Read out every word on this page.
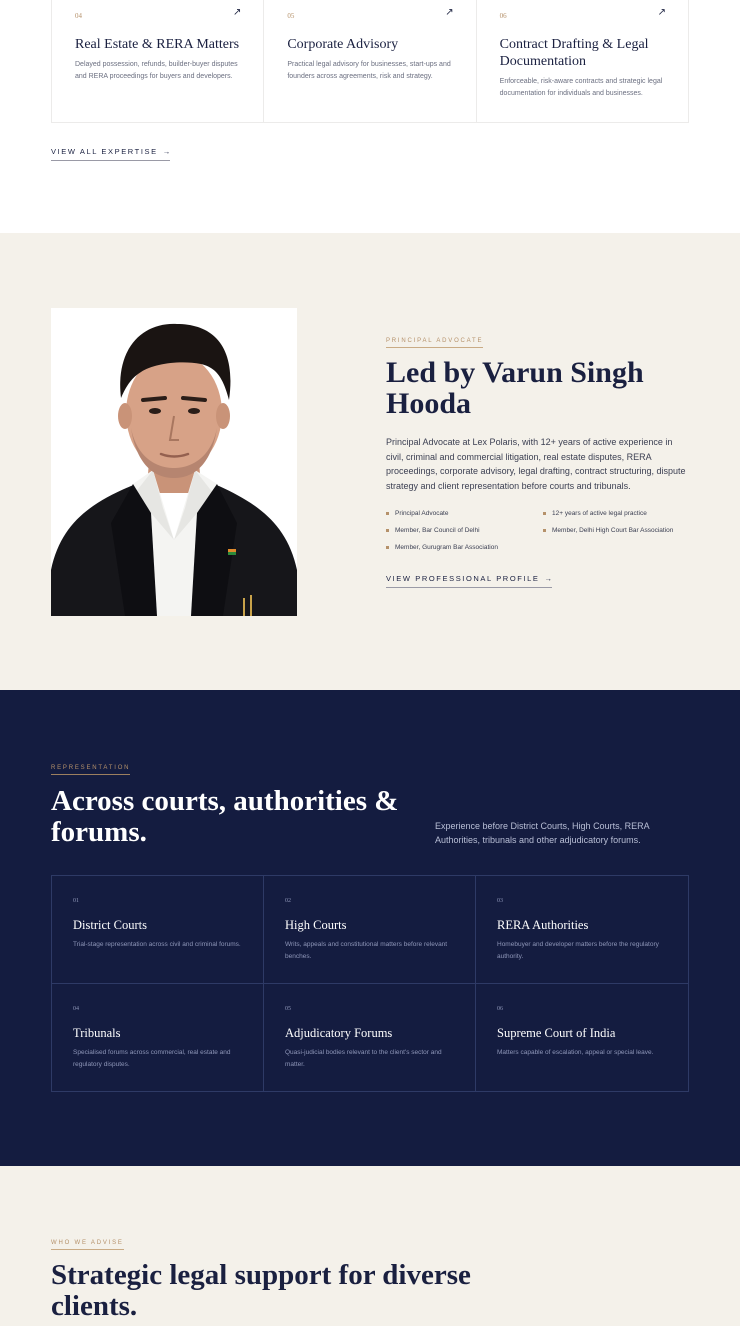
04	↗
Real Estate & RERA Matters
Delayed possession, refunds, builder-buyer disputes and RERA proceedings for buyers and developers.
05	↗
Corporate Advisory
Practical legal advisory for businesses, start-ups and founders across agreements, risk and strategy.
06	↗
Contract Drafting & Legal Documentation
Enforceable, risk-aware contracts and strategic legal documentation for individuals and businesses.
VIEW ALL EXPERTISE →
PRINCIPAL ADVOCATE
Led by Varun Singh Hooda

Principal Advocate at Lex Polaris, with 12+ years of active experience in civil, criminal and commercial litigation, real estate disputes, RERA proceedings, corporate advisory, legal drafting, contract structuring, dispute strategy and client representation before courts and tribunals.

Principal Advocate	12+ years of active legal practice
Member, Bar Council of Delhi	Member, Delhi High Court Bar Association
Member, Gurugram Bar Association
VIEW PROFESSIONAL PROFILE →
REPRESENTATION
Across courts, authorities & forums.	Experience before District Courts, High Courts, RERA Authorities, tribunals and other adjudicatory forums.

01
District Courts
Trial-stage representation across civil and criminal forums.
02
High Courts
Writs, appeals and constitutional matters before relevant benches.
03
RERA Authorities
Homebuyer and developer matters before the regulatory authority.
04
Tribunals
Specialised forums across commercial, real estate and regulatory disputes.
05
Adjudicatory Forums
Quasi-judicial bodies relevant to the client's sector and matter.
06
Supreme Court of India
Matters capable of escalation, appeal or special leave.
WHO WE ADVISE
Strategic legal support for diverse clients.
